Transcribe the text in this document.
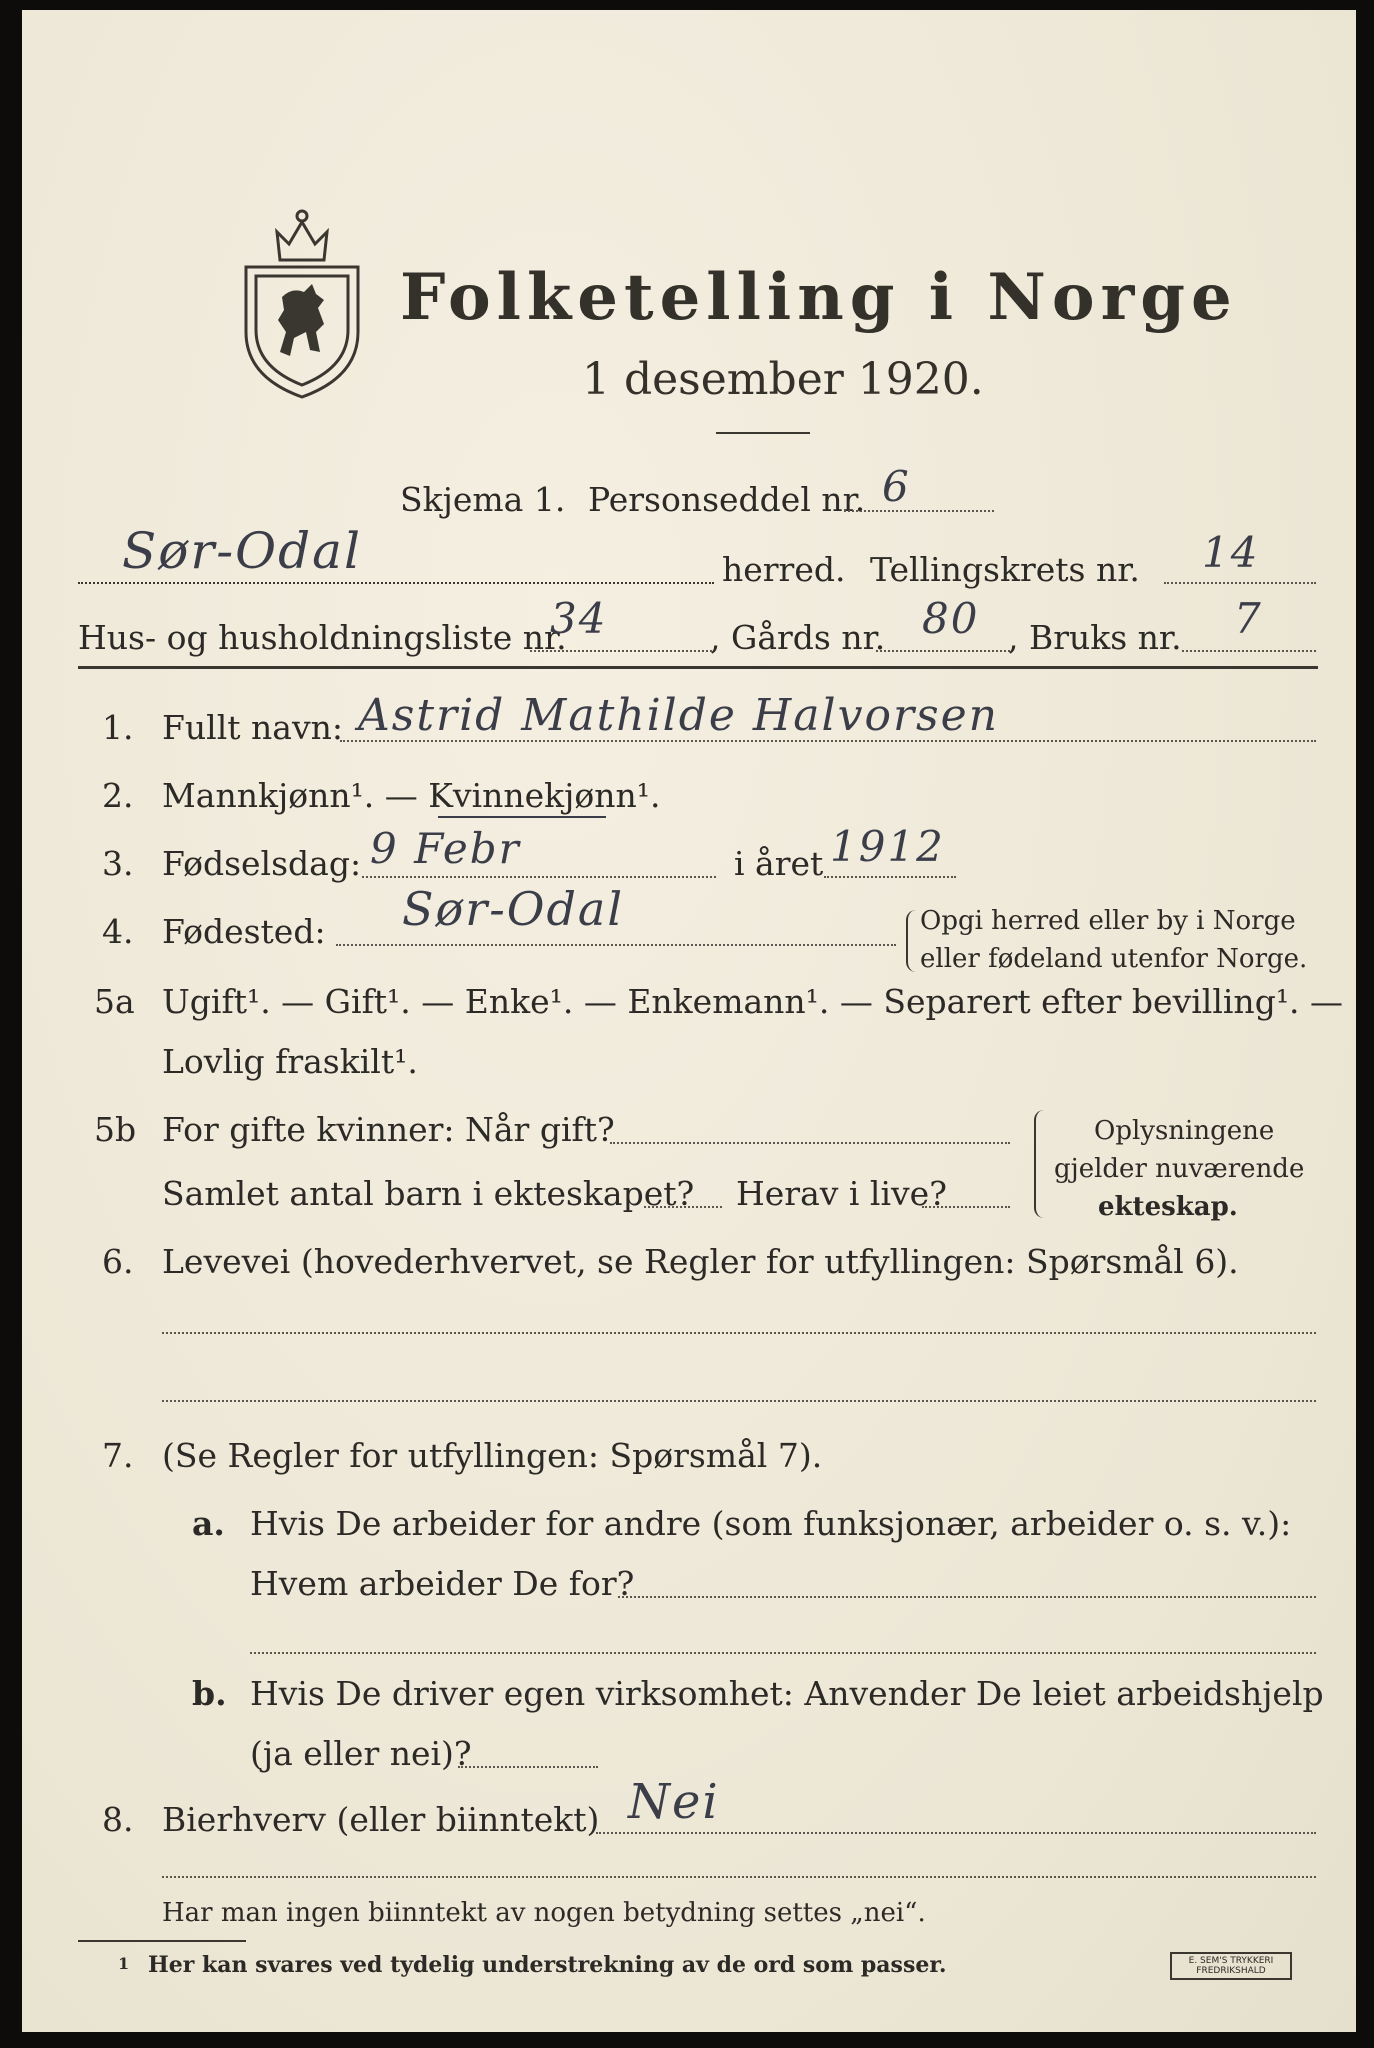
Folketelling i Norge
1 desember 1920.
Skjema 1. Personseddel nr. 6
Sør-Odal	herred. Tellingskrets nr. 14
Hus- og husholdningsliste nr.
34	, Gårds nr. 80 , Bruks nr. 7
1. Fullt navn: Astrid Mathilde Halvorsen
2. Mannkjønn¹. — Kvinnekjønn¹.
3. Fødselsdag: 9 Febr	i året 1912
4. Fødested: Sør-Odal	Opgi herred eller by i Norge
eller fødeland utenfor Norge.
5a Ugift¹. — Gift¹. — Enke¹. — Enkemann¹. — Separert efter bevilling¹. —
Lovlig fraskilt¹.
5b For gifte kvinner: Når gift?
Samlet antal barn i ekteskapet? Herav i live?
Oplysningene
gjelder nuværende
ekteskap.
6. Levevei (hovederhvervet, se Regler for utfyllingen: Spørsmål 6).
7. (Se Regler for utfyllingen: Spørsmål 7).
a. Hvis De arbeider for andre (som funksjonær, arbeider o. s. v.):
Hvem arbeider De for?
b. Hvis De driver egen virksomhet: Anvender De leiet arbeidshjelp
(ja eller nei)?
8. Bierhverv (eller biinntekt) Nei
Har man ingen biinntekt av nogen betydning settes „nei“.
1 Her kan svares ved tydelig understrekning av de ord som passer.	E. SEM'S TRYKKERI FREDRIKSHALD
